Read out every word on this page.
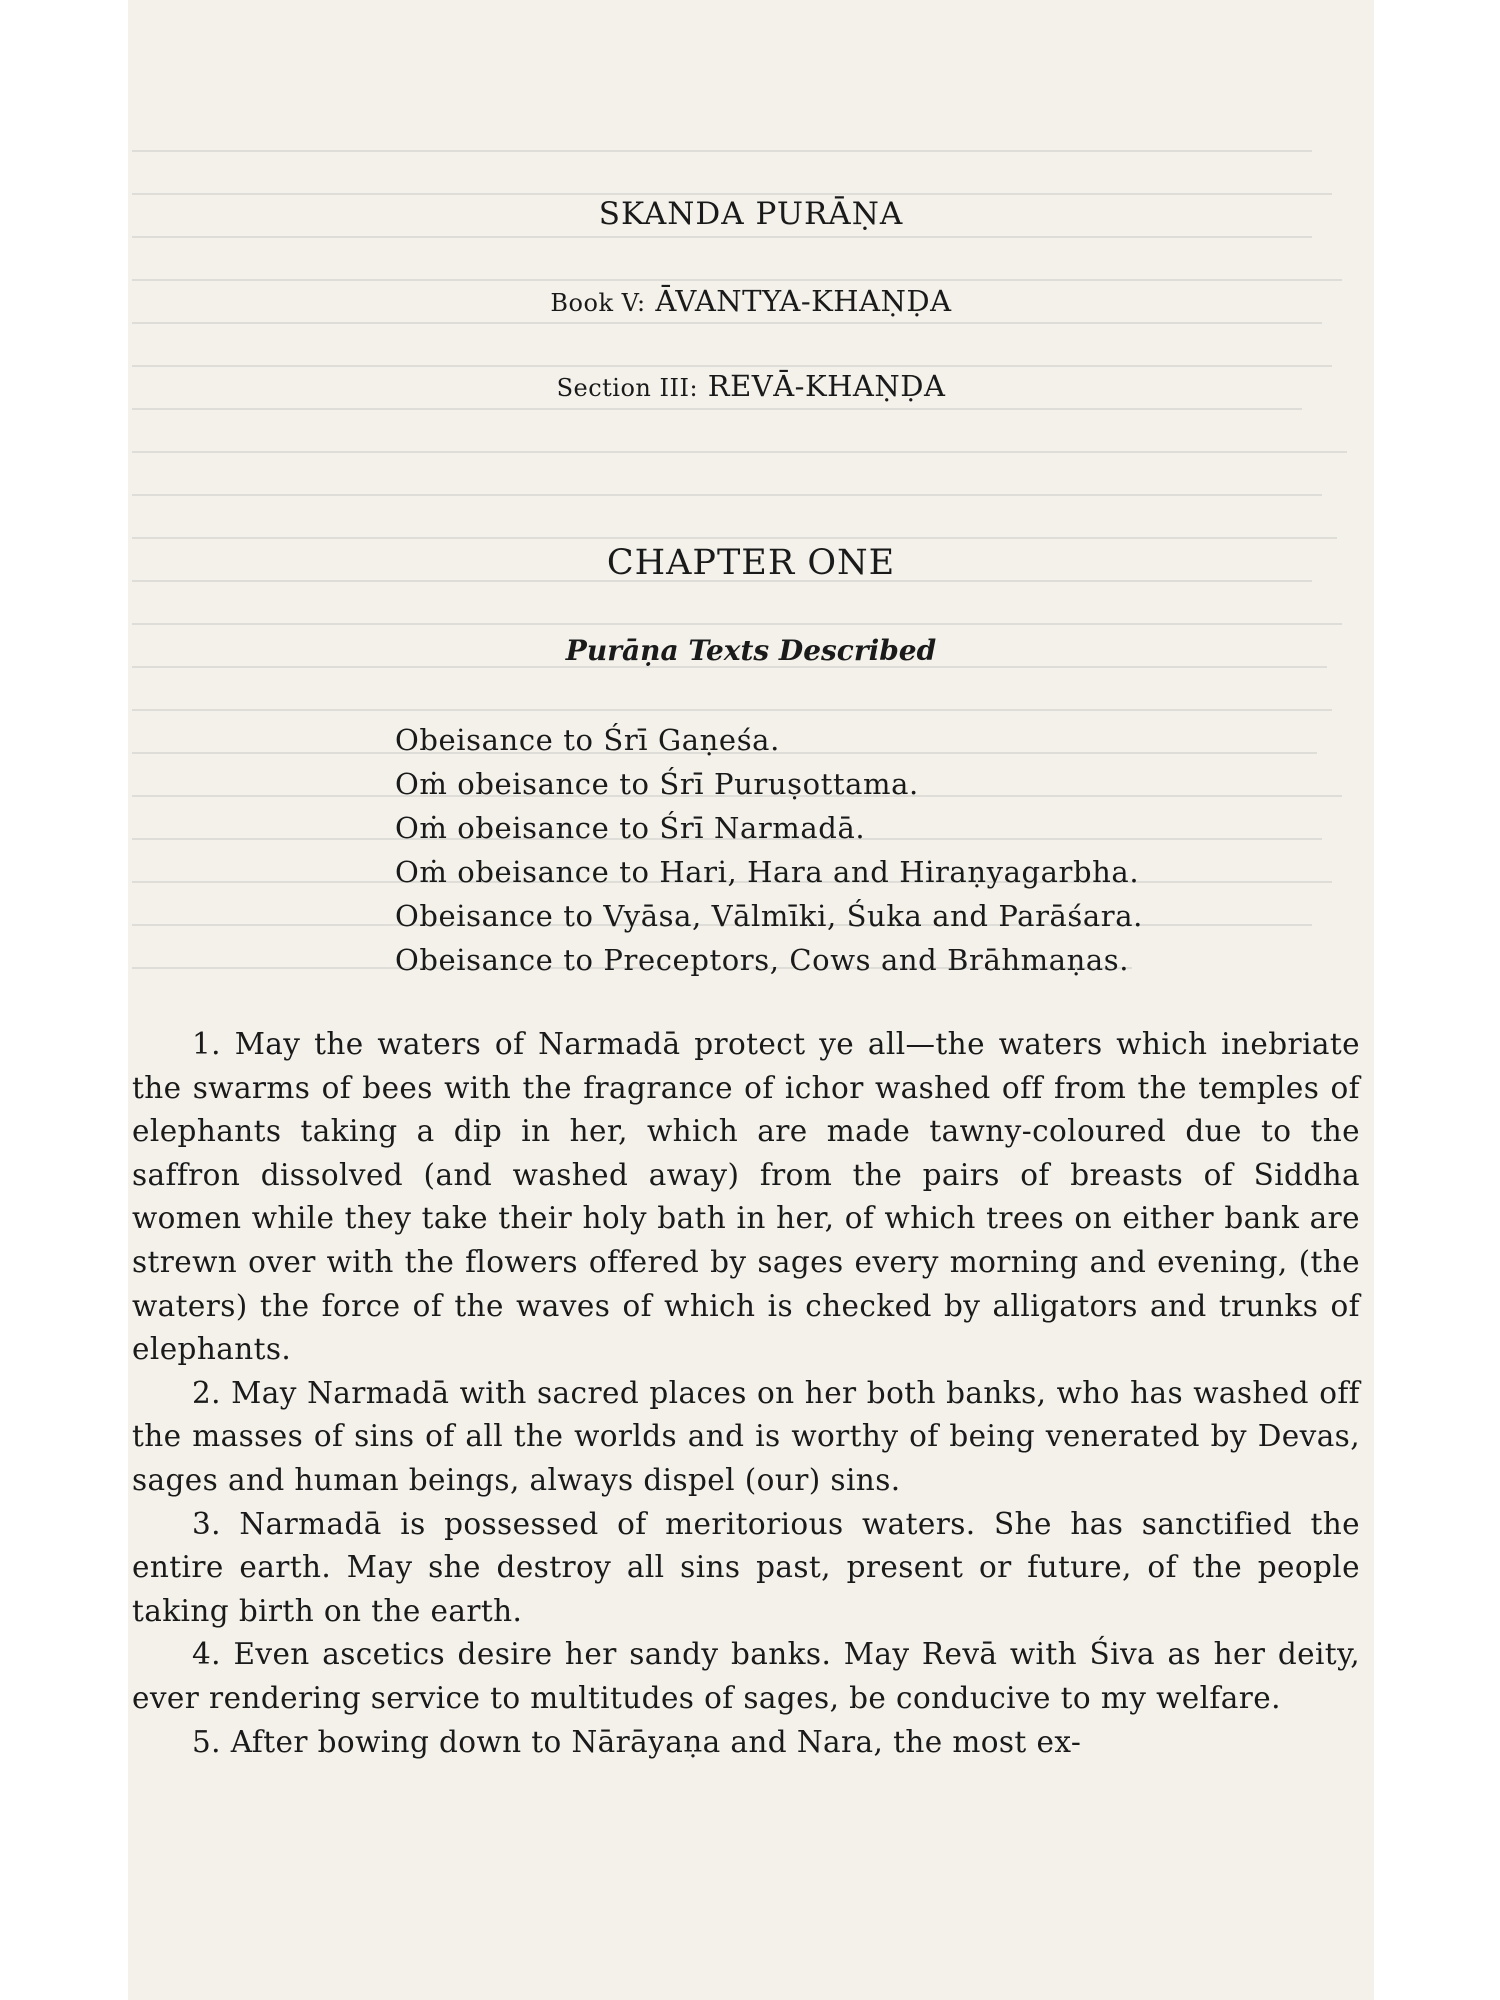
SKANDA PURĀṆA
Book V: ĀVANTYA-KHAṆḌA
Section III: REVĀ-KHAṆḌA
CHAPTER ONE
Purāṇa Texts Described
Obeisance to Śrī Gaṇeśa.
Oṁ obeisance to Śrī Puruṣottama.
Oṁ obeisance to Śrī Narmadā.
Oṁ obeisance to Hari, Hara and Hiraṇyagarbha.
Obeisance to Vyāsa, Vālmīki, Śuka and Parāśara.
Obeisance to Preceptors, Cows and Brāhmaṇas.

1. May the waters of Narmadā protect ye all—the waters which inebriate the swarms of bees with the fragrance of ichor washed off from the temples of elephants taking a dip in her, which are made tawny-coloured due to the saffron dissolved (and washed away) from the pairs of breasts of Siddha women while they take their holy bath in her, of which trees on either bank are strewn over with the flowers offered by sages every morning and evening, (the waters) the force of the waves of which is checked by alligators and trunks of elephants.

2. May Narmadā with sacred places on her both banks, who has washed off the masses of sins of all the worlds and is worthy of being venerated by Devas, sages and human beings, always dispel (our) sins.

3. Narmadā is possessed of meritorious waters. She has sanctified the entire earth. May she destroy all sins past, present or future, of the people taking birth on the earth.

4. Even ascetics desire her sandy banks. May Revā with Śiva as her deity, ever rendering service to multitudes of sages, be conducive to my welfare.

5. After bowing down to Nārāyaṇa and Nara, the most ex-
